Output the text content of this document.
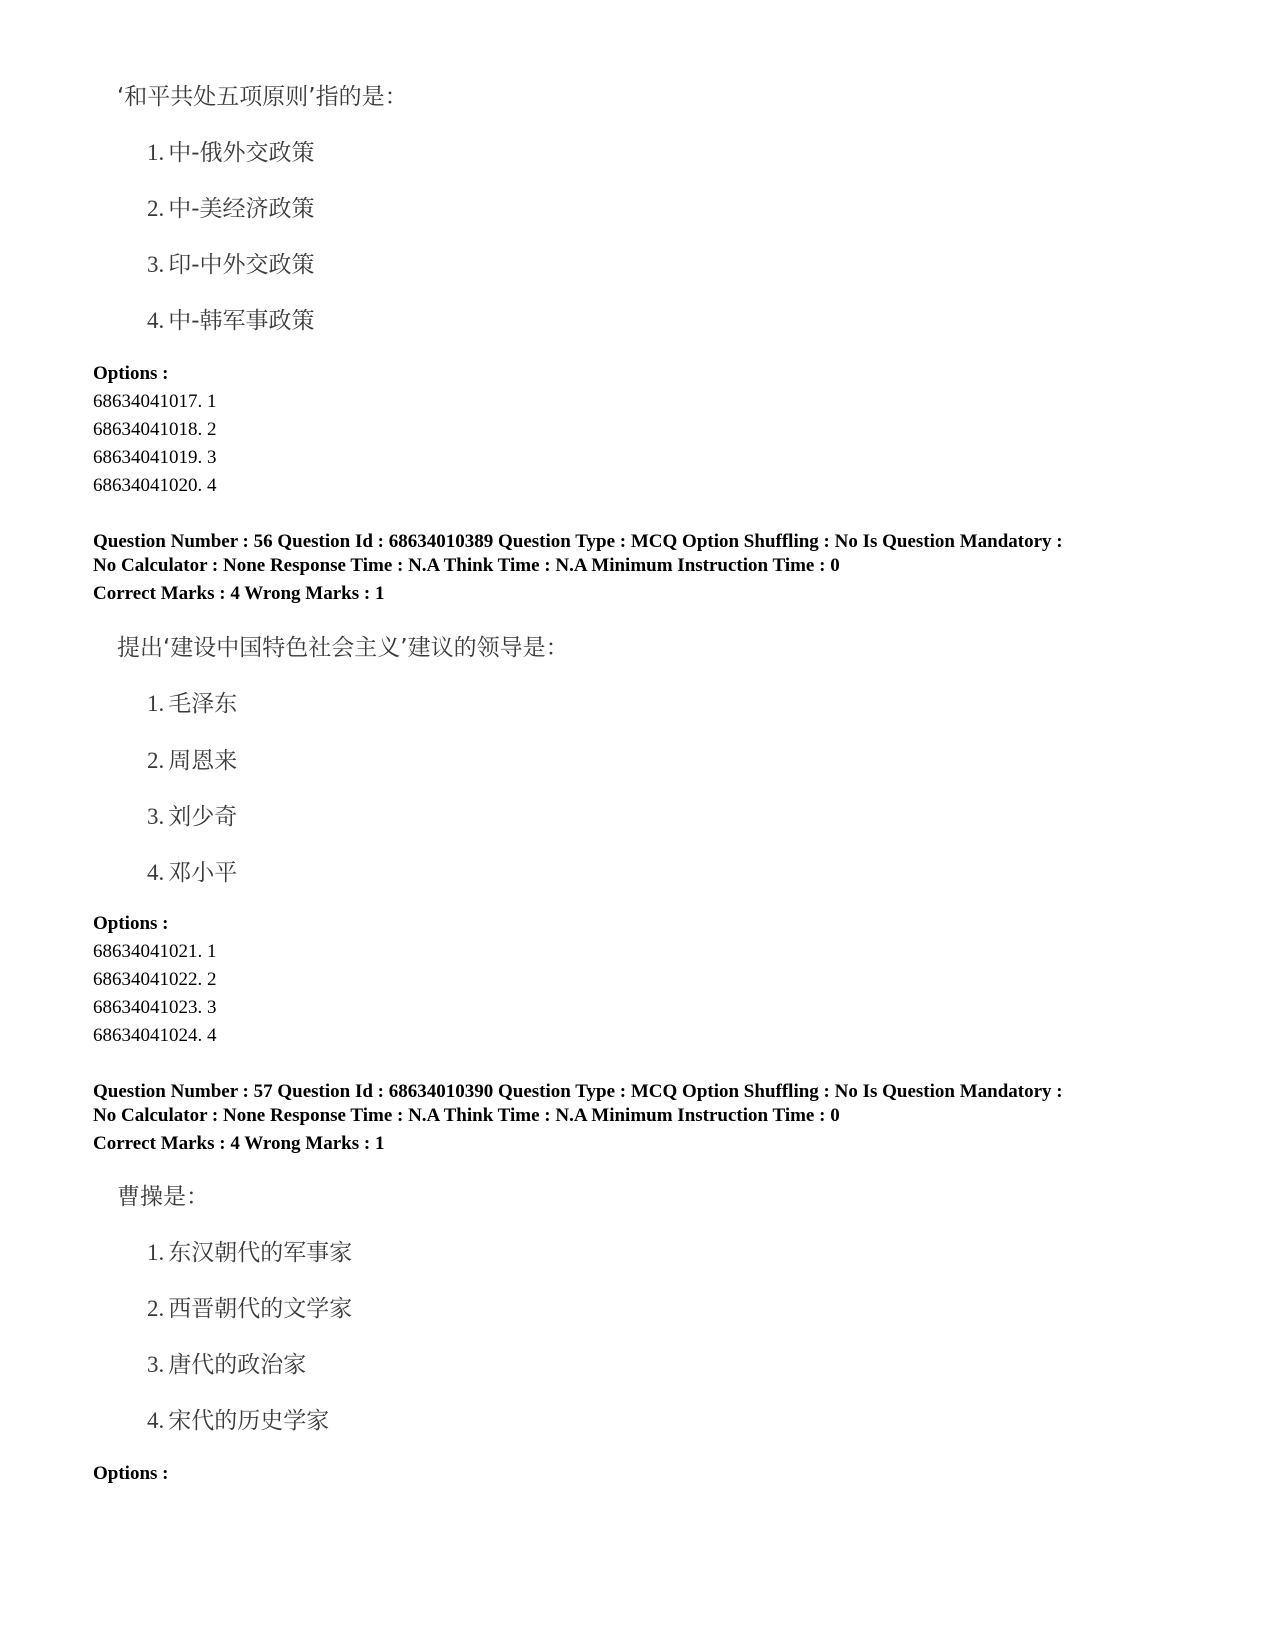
‘和平共处五项原则’指的是：
1. 中-俄外交政策
2. 中-美经济政策
3. 印-中外交政策
4. 中-韩军事政策
Options :
68634041017. 1
68634041018. 2
68634041019. 3
68634041020. 4
Question Number : 56 Question Id : 68634010389 Question Type : MCQ Option Shuffling : No Is Question Mandatory :
No Calculator : None Response Time : N.A Think Time : N.A Minimum Instruction Time : 0
Correct Marks : 4 Wrong Marks : 1
提出‘建设中国特色社会主义’建议的领导是：
1. 毛泽东
2. 周恩来
3. 刘少奇
4. 邓小平
Options :
68634041021. 1
68634041022. 2
68634041023. 3
68634041024. 4
Question Number : 57 Question Id : 68634010390 Question Type : MCQ Option Shuffling : No Is Question Mandatory :
No Calculator : None Response Time : N.A Think Time : N.A Minimum Instruction Time : 0
Correct Marks : 4 Wrong Marks : 1
曹操是：
1. 东汉朝代的军事家
2. 西晋朝代的文学家
3. 唐代的政治家
4. 宋代的历史学家
Options :
